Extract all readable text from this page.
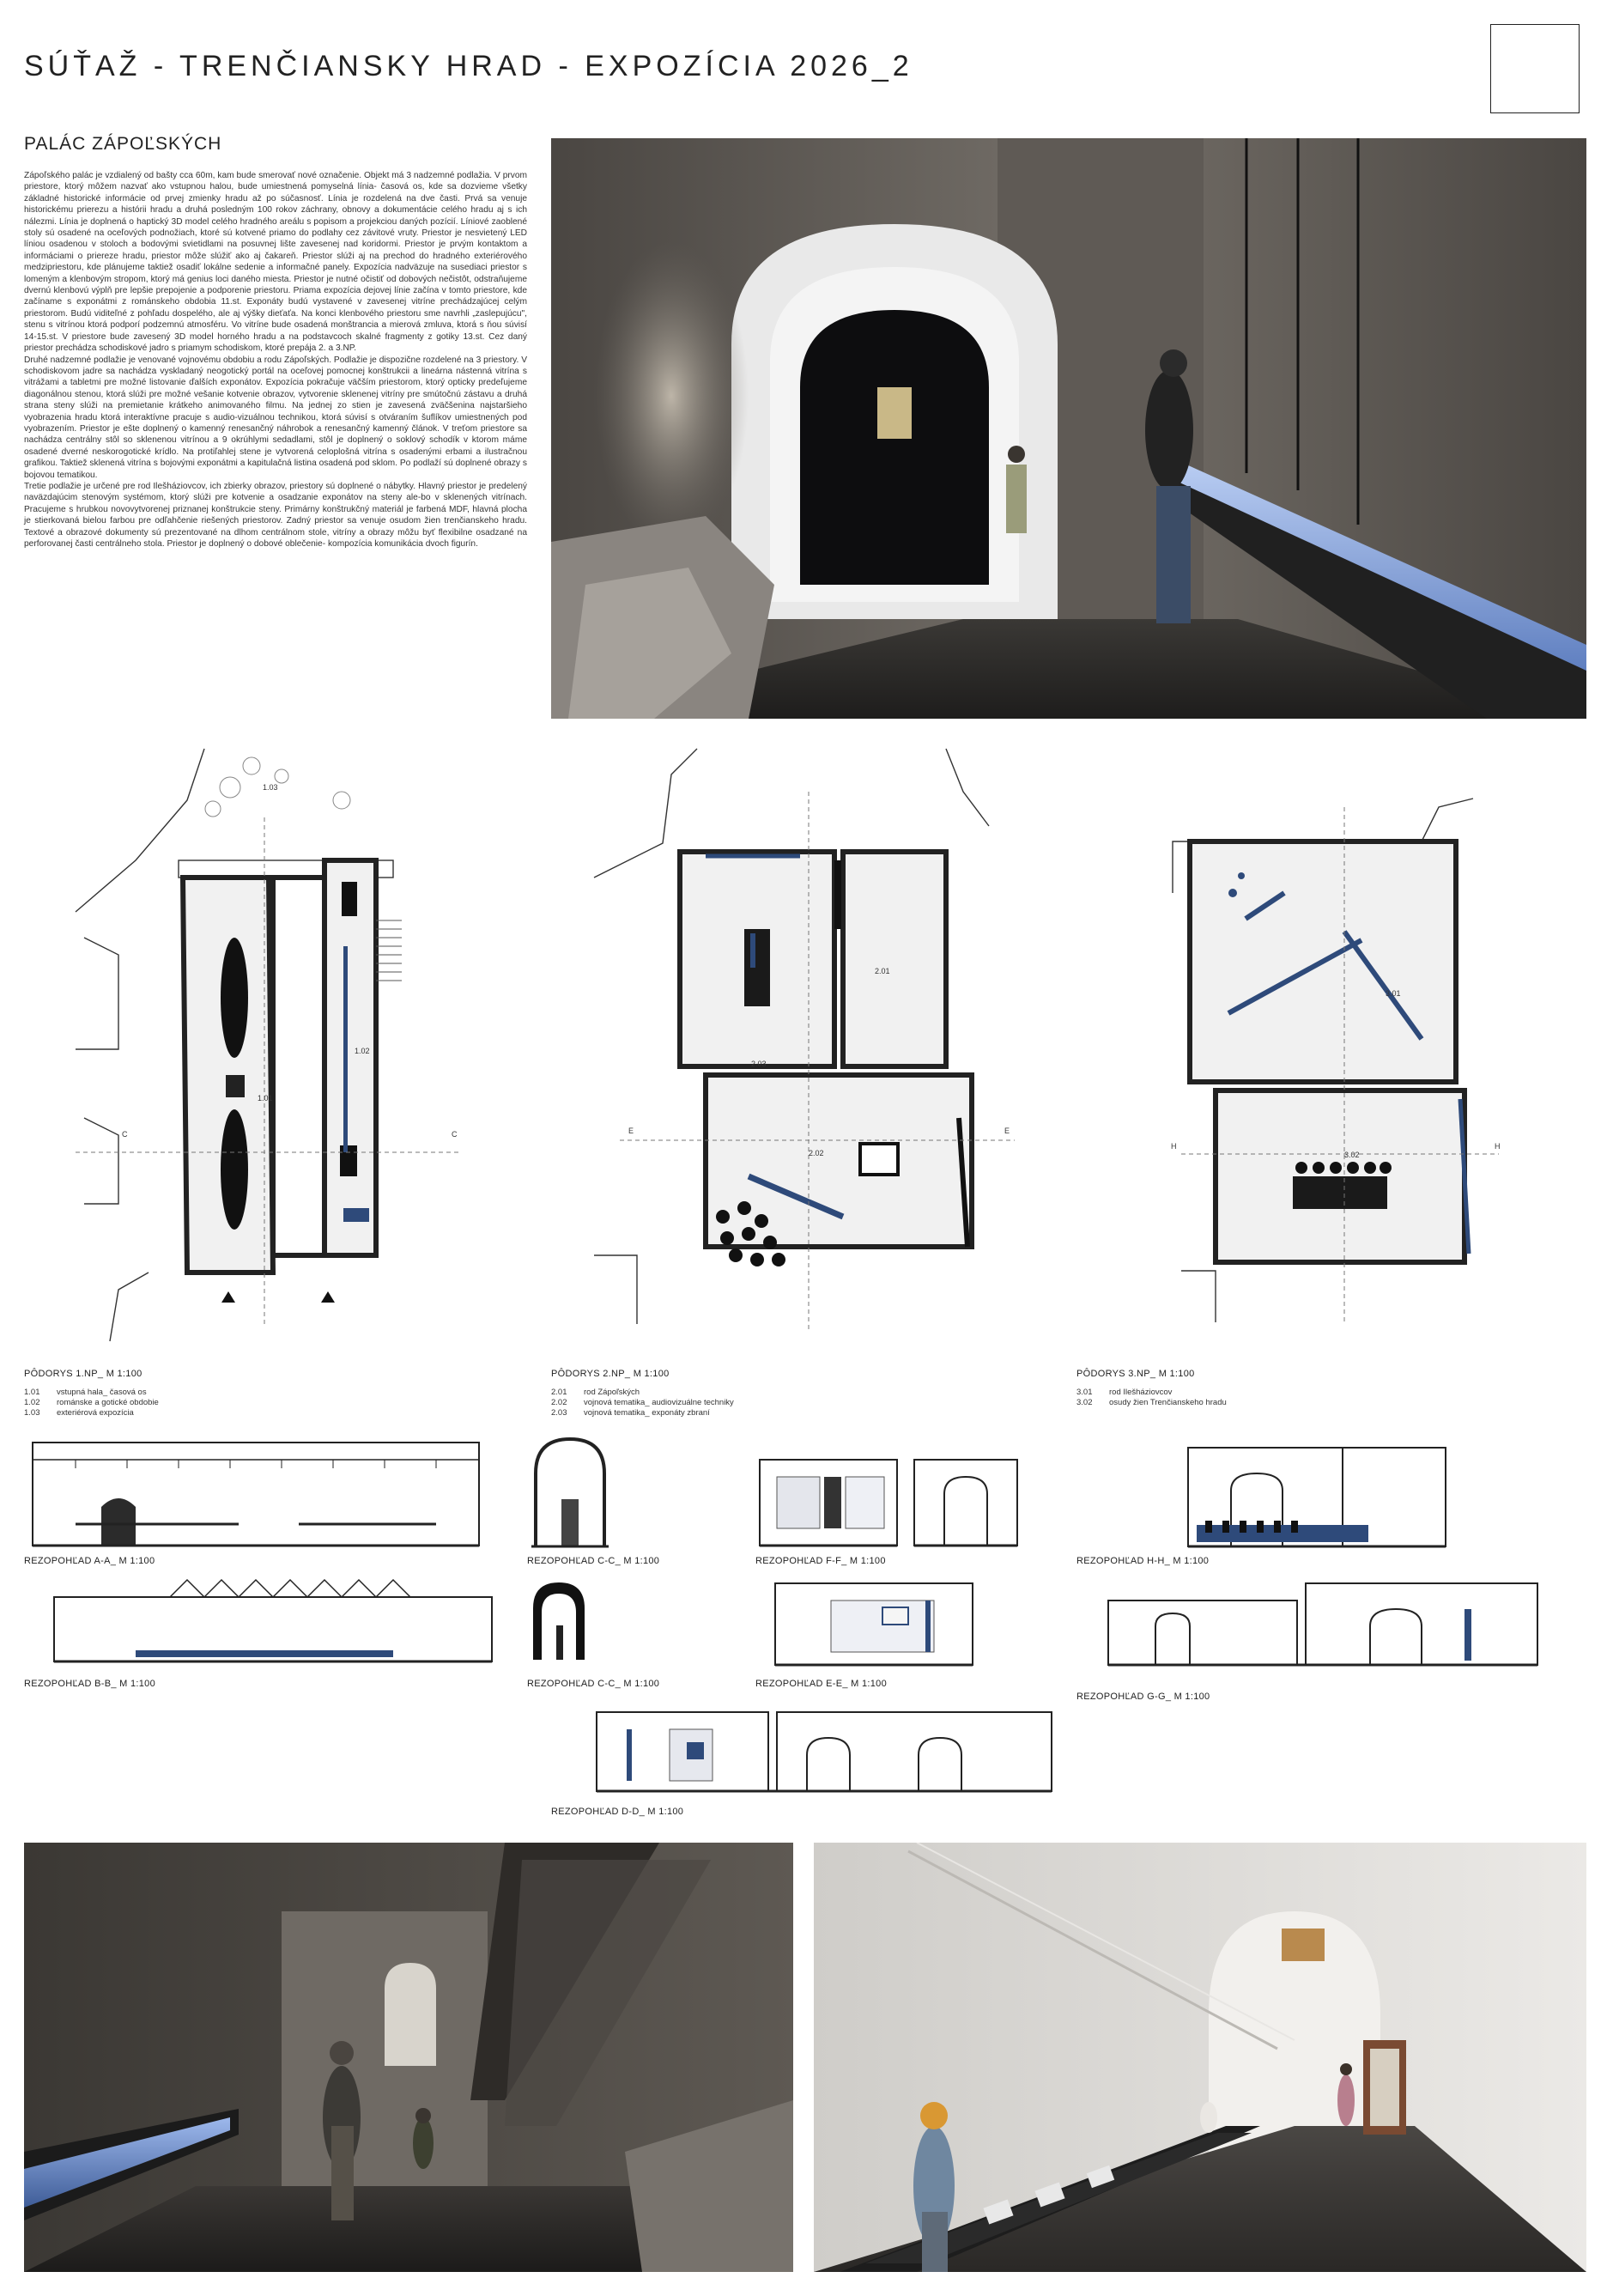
SÚŤAŽ - TRENČIANSKY HRAD - EXPOZÍCIA 2026_2
PALÁC ZÁPOĽSKÝCH

Zápoľského palác je vzdialený od bašty cca 60m, kam bude smerovať nové označenie. Objekt má 3 nadzemné podlažia. V prvom priestore, ktorý môžem nazvať ako vstupnou halou, bude umiestnená pomyselná línia- časová os, kde sa dozvieme všetky základné historické informácie od prvej zmienky hradu až po súčasnosť. Línia je rozdelená na dve časti. Prvá sa venuje historickému prierezu a histórii hradu a druhá posledným 100 rokov záchrany, obnovy a dokumentácie celého hradu aj s ich nálezmi. Línia je doplnená o haptický 3D model celého hradného areálu s popisom a projekciou daných pozícií. Líniové zaoblené stoly sú osadené na oceľových podnožiach, ktoré sú kotvené priamo do podlahy cez závitové vruty. Priestor je nesvietený LED líniou osadenou v stoloch a bodovými svietidlami na posuvnej lište zavesenej nad koridormi. Priestor je prvým kontaktom a informáciami o priereze hradu, priestor môže slúžiť ako aj čakareň. Priestor slúži aj na prechod do hradného exteriérového medzipriestoru, kde plánujeme taktiež osadiť lokálne sedenie a informačné panely. Expozícia nadväzuje na susediaci priestor s lomeným a klenbovým stropom, ktorý má genius loci daného miesta. Priestor je nutné očistiť od dobových nečistôt, odstraňujeme dvernú klenbovú výplň pre lepšie prepojenie a podporenie priestoru. Priama expozícia dejovej línie začína v tomto priestore, kde začíname s exponátmi z románskeho obdobia 11.st. Exponáty budú vystavené v zavesenej vitríne prechádzajúcej celým priestorom. Budú viditeľné z pohľadu dospelého, ale aj výšky dieťaťa. Na konci klenbového priestoru sme navrhli „zaslepujúcu", stenu s vitrínou ktorá podporí podzemnú atmosféru. Vo vitríne bude osadená monštrancia a mierová zmluva, ktorá s ňou súvisí 14-15.st. V priestore bude zavesený 3D model horného hradu a na podstavcoch skalné fragmenty z gotiky 13.st. Cez daný priestor prechádza schodiskové jadro s priamym schodiskom, ktoré prepája 2. a 3.NP.

Druhé nadzemné podlažie je venované vojnovému obdobiu a rodu Zápoľských. Podlažie je dispozične rozdelené na 3 priestory. V schodiskovom jadre sa nachádza vyskladaný neogotický portál na oceľovej pomocnej konštrukcii a lineárna nástenná vitrína s vitrážami a tabletmi pre možné listovanie ďalších exponátov. Expozícia pokračuje väčším priestorom, ktorý opticky predeľujeme diagonálnou stenou, ktorá slúži pre možné vešanie kotvenie obrazov, vytvorenie sklenenej vitríny pre smútočnú zástavu a druhá strana steny slúži na premietanie krátkeho animovaného filmu. Na jednej zo stien je zavesená zväčšenina najstaršieho vyobrazenia hradu ktorá interaktívne pracuje s audio-vizuálnou technikou, ktorá súvisí s otváraním šuflíkov umiestnených pod vyobrazením. Priestor je ešte doplnený o kamenný renesančný náhrobok a renesančný kamenný článok. V treťom priestore sa nachádza centrálny stôl so sklenenou vitrínou a 9 okrúhlymi sedadlami, stôl je doplnený o soklový schodík v ktorom máme osadené dverné neskorogotické krídlo. Na protiľahlej stene je vytvorená celoplošná vitrína s osadenými erbami a ilustračnou grafikou. Taktiež sklenená vitrína s bojovými exponátmi a kapitulačná listina osadená pod sklom. Po podlaží sú doplnené obrazy s bojovou tematikou.

Tretie podlažie je určené pre rod Ilešháziovcov, ich zbierky obrazov, priestory sú doplnené o nábytky. Hlavný priestor je predelený naväzdajúcim stenovým systémom, ktorý slúži pre kotvenie a osadzanie exponátov na steny ale-bo v sklenených vitrínach. Pracujeme s hrubkou novovytvorenej priznanej konštrukcie steny. Primárny konštrukčný materiál je farbená MDF, hlavná plocha je stierkovaná bielou farbou pre odľahčenie riešených priestorov. Zadný priestor sa venuje osudom žien trenčianskeho hradu. Textové a obrazové dokumenty sú prezentované na dlhom centrálnom stole, vitríny a obrazy môžu byť flexibilne osadzané na perforovanej časti centrálneho stola. Priestor je doplnený o dobové oblečenie- kompozícia komunikácia dvoch figurín.

1.03
1.02
1.01
C	C
PÔDORYS 1.NP_ M 1:100
1.01 vstupná hala_ časová os
1.02 románske a gotické obdobie
1.03 exteriérová expozícia
2.03
2.01
2.02
E	E
PÔDORYS 2.NP_ M 1:100
2.01 rod Zápoľských
2.02 vojnová tematika_ audiovizuálne techniky
2.03 vojnová tematika_ exponáty zbraní
3.01
3.02
H	H
PÔDORYS 3.NP_ M 1:100
3.01 rod Ilešháziovcov
3.02 osudy žien Trenčianskeho hradu
REZOPOHĽAD A-A_ M 1:100	REZOPOHĽAD C-C_ M 1:100	REZOPOHĽAD F-F_ M 1:100	REZOPOHĽAD H-H_ M 1:100
REZOPOHĽAD B-B_ M 1:100	REZOPOHĽAD C-C_ M 1:100	REZOPOHĽAD E-E_ M 1:100
REZOPOHĽAD G-G_ M 1:100
REZOPOHĽAD D-D_ M 1:100
